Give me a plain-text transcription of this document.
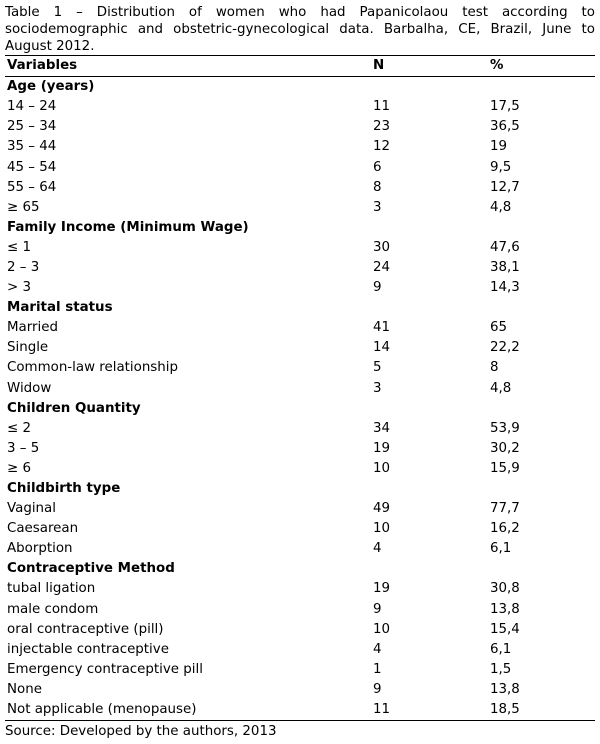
Table 1 – Distribution of women who had Papanicolaou test according to sociodemographic and obstetric-gynecological data. Barbalha, CE, Brazil, June to August 2012.

Variables	N	%
Age (years)		
14 – 24	11	17,5
25 – 34	23	36,5
35 – 44	12	19
45 – 54	6	9,5
55 – 64	8	12,7
≥ 65	3	4,8
Family Income (Minimum Wage)		
≤ 1	30	47,6
2 – 3	24	38,1
> 3	9	14,3
Marital status		
Married	41	65
Single	14	22,2
Common-law relationship	5	8
Widow	3	4,8
Children Quantity		
≤ 2	34	53,9
3 – 5	19	30,2
≥ 6	10	15,9
Childbirth type		
Vaginal	49	77,7
Caesarean	10	16,2
Aborption	4	6,1
Contraceptive Method		
tubal ligation	19	30,8
male condom	9	13,8
oral contraceptive (pill)	10	15,4
injectable contraceptive	4	6,1
Emergency contraceptive pill	1	1,5
None	9	13,8
Not applicable (menopause)	11	18,5
Source: Developed by the authors, 2013
